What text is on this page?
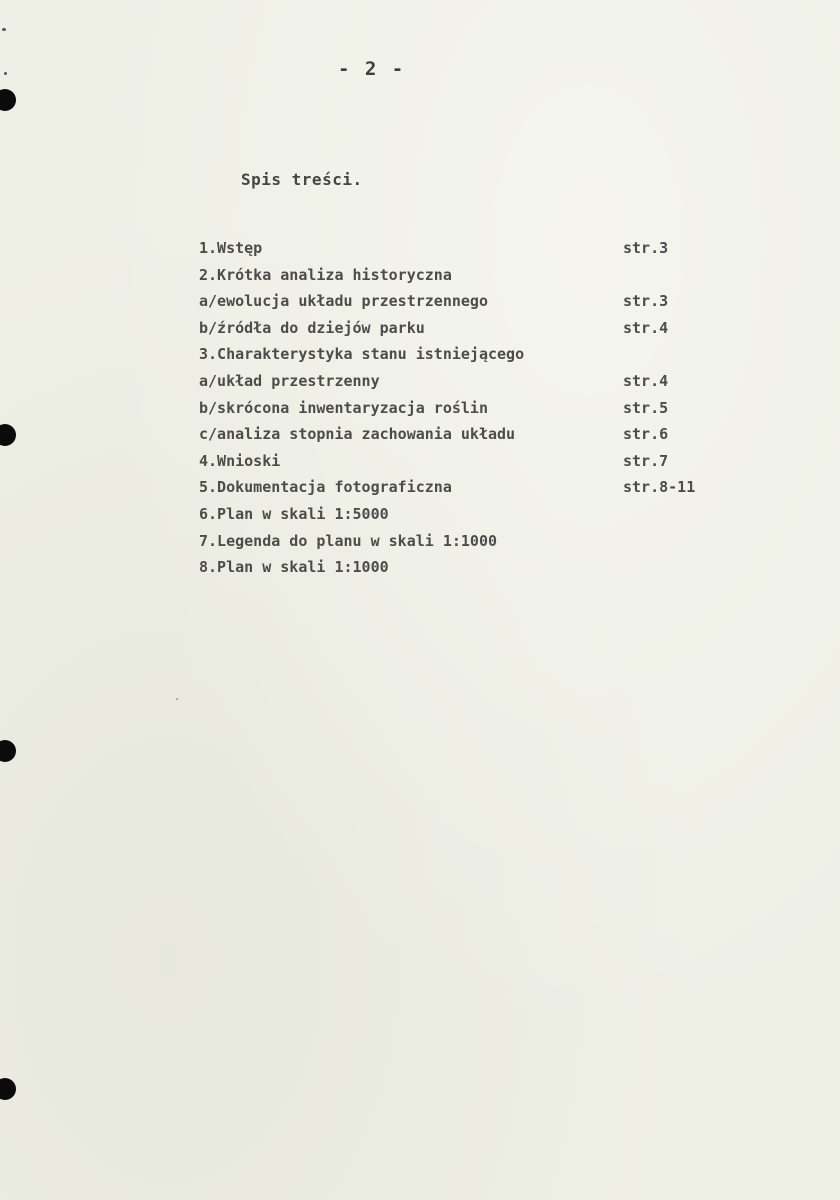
- 2 -
Spis treści.
1.Wstęp	str.3
2.Krótka analiza historyczna
a/ewolucja układu przestrzennego	str.3
b/źródła do dziejów parku	str.4
3.Charakterystyka stanu istniejącego
a/układ przestrzenny	str.4
b/skrócona inwentaryzacja roślin	str.5
c/analiza stopnia zachowania układu	str.6
4.Wnioski	str.7
5.Dokumentacja fotograficzna	str.8-11
6.Plan w skali 1:5000
7.Legenda do planu w skali 1:1000
8.Plan w skali 1:1000
